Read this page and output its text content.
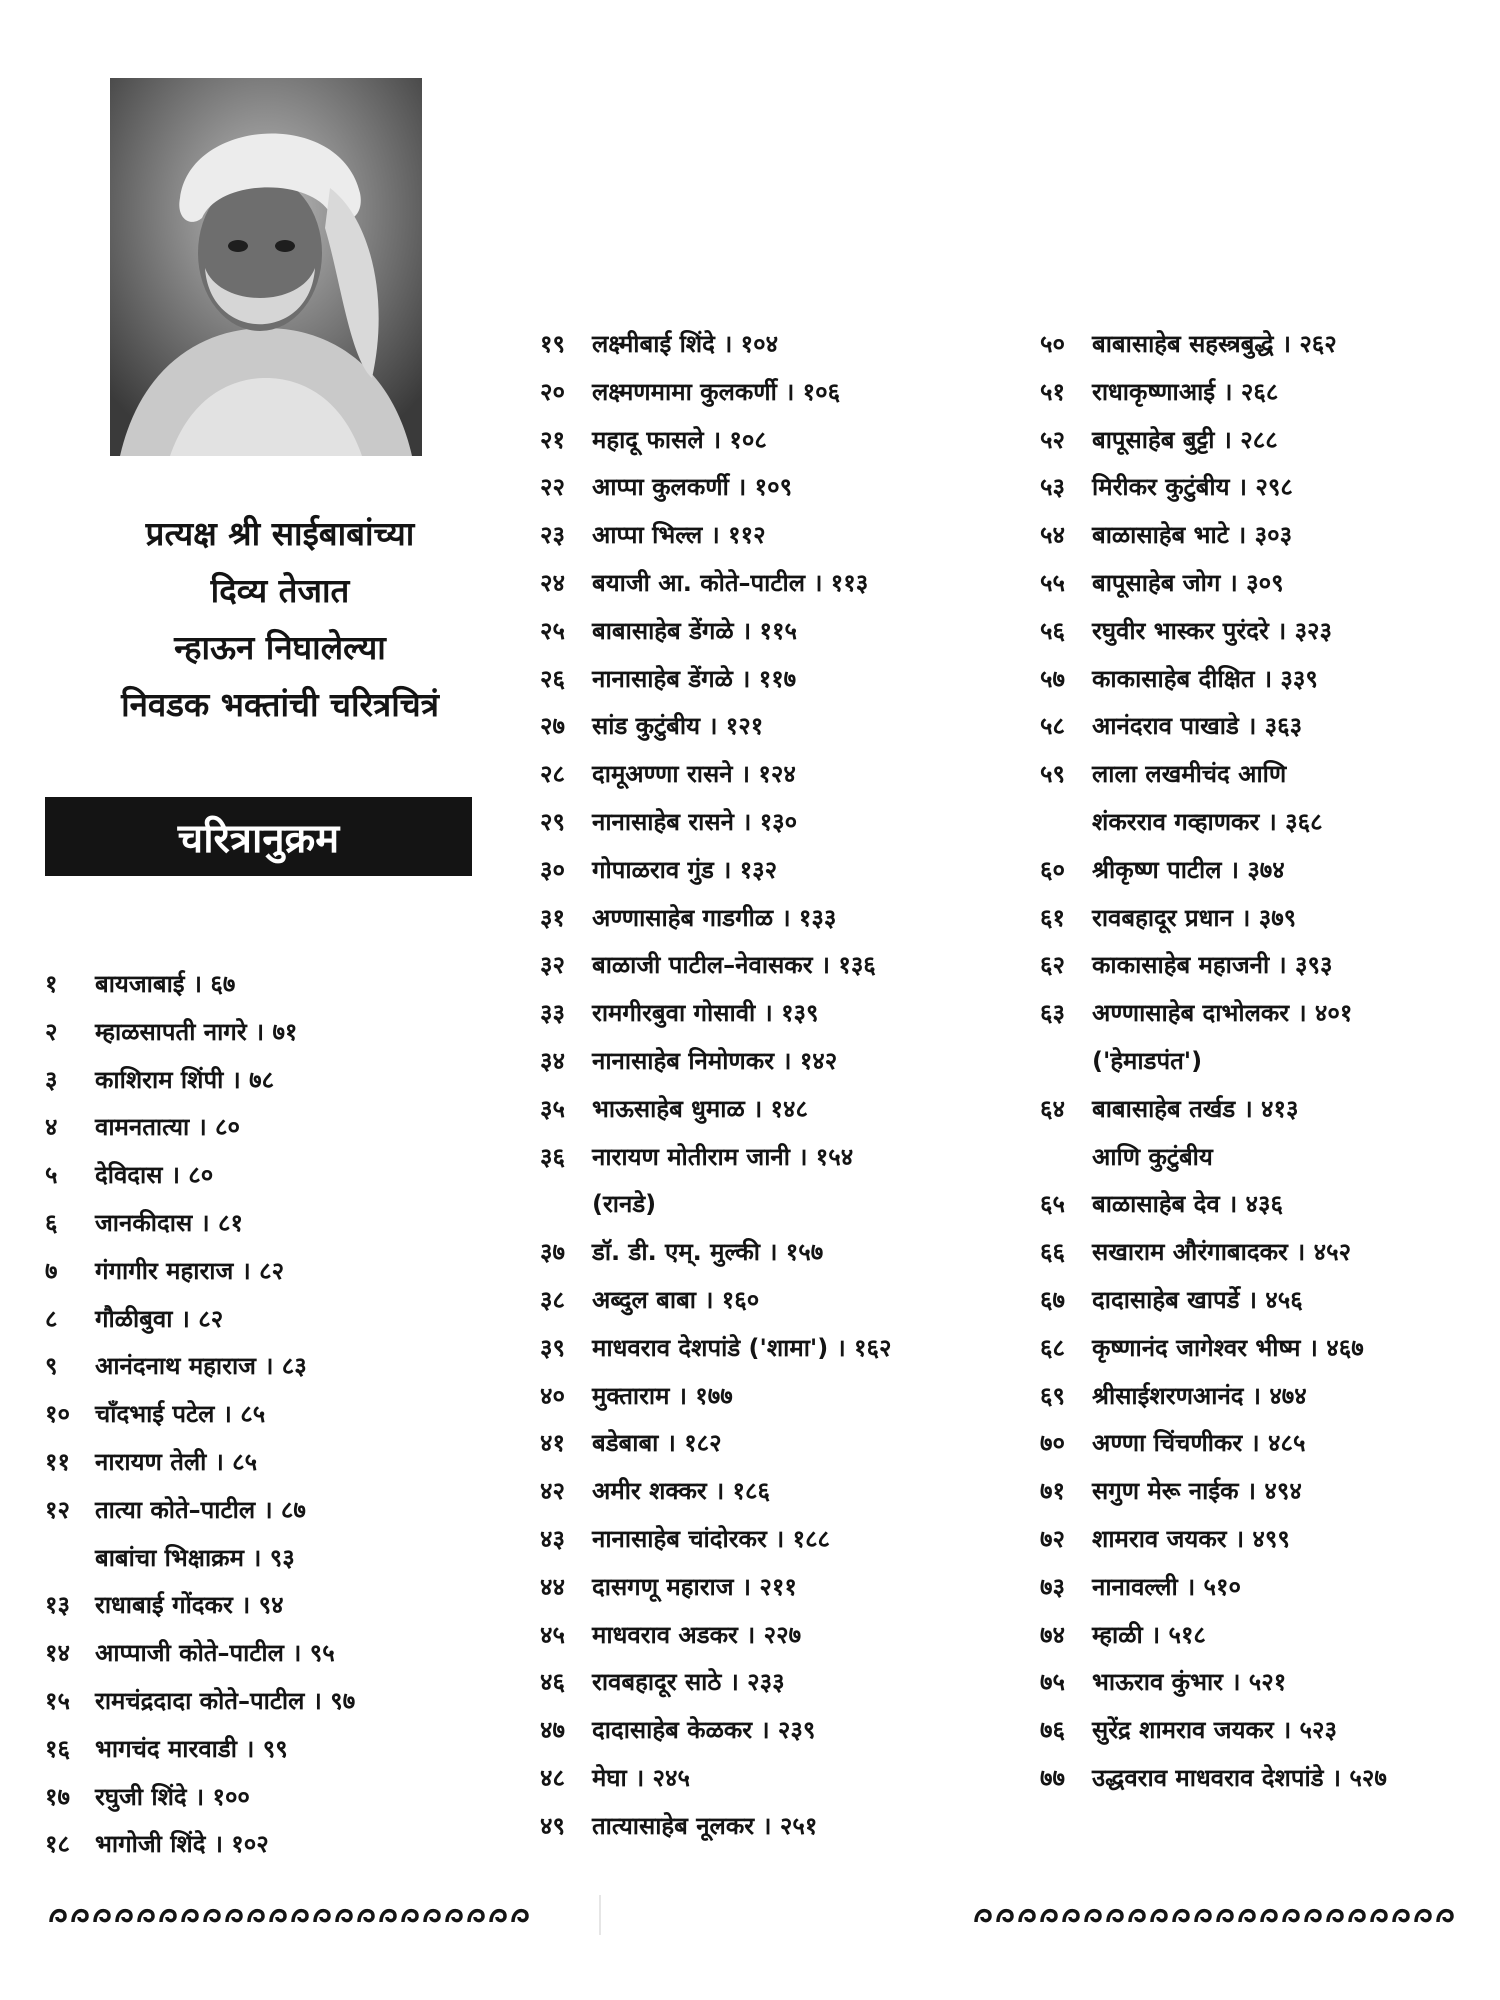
प्रत्यक्ष श्री साईबाबांच्या
दिव्य तेजात
न्हाऊन निघालेल्या
निवडक भक्तांची चरित्रचित्रं
चरित्रानुक्रम
१	बायजाबाई । ६७
२	म्हाळसापती नागरे । ७१
३	काशिराम शिंपी । ७८
४	वामनतात्या । ८०
५	देविदास । ८०
६	जानकीदास । ८१
७	गंगागीर महाराज । ८२
८	गौळीबुवा । ८२
९	आनंदनाथ महाराज । ८३
१०	चाँदभाई पटेल । ८५
११	नारायण तेली । ८५
१२	तात्या कोते–पाटील । ८७
बाबांचा भिक्षाक्रम । ९३
१३	राधाबाई गोंदकर । ९४
१४	आप्पाजी कोते–पाटील । ९५
१५	रामचंद्रदादा कोते–पाटील । ९७
१६	भागचंद मारवाडी । ९९
१७	रघुजी शिंदे । १००
१८	भागोजी शिंदे । १०२
१९	लक्ष्मीबाई शिंदे । १०४
२०	लक्ष्मणमामा कुलकर्णी । १०६
२१	महादू फासले । १०८
२२	आप्पा कुलकर्णी । १०९
२३	आप्पा भिल्ल । ११२
२४	बयाजी आ. कोते–पाटील । ११३
२५	बाबासाहेब डेंगळे । ११५
२६	नानासाहेब डेंगळे । ११७
२७	सांड कुटुंबीय । १२१
२८	दामूअण्णा रासने । १२४
२९	नानासाहेब रासने । १३०
३०	गोपाळराव गुंड । १३२
३१	अण्णासाहेब गाडगीळ । १३३
३२	बाळाजी पाटील–नेवासकर । १३६
३३	रामगीरबुवा गोसावी । १३९
३४	नानासाहेब निमोणकर । १४२
३५	भाऊसाहेब धुमाळ । १४८
३६	नारायण मोतीराम जानी । १५४
(रानडे)
३७	डॉ. डी. एम्. मुल्की । १५७
३८	अब्दुल बाबा । १६०
३९	माधवराव देशपांडे ('शामा') । १६२
४०	मुक्ताराम । १७७
४१	बडेबाबा । १८२
४२	अमीर शक्कर । १८६
४३	नानासाहेब चांदोरकर । १८८
४४	दासगणू महाराज । २११
४५	माधवराव अडकर । २२७
४६	रावबहादूर साठे । २३३
४७	दादासाहेब केळकर । २३९
४८	मेघा । २४५
४९	तात्यासाहेब नूलकर । २५१
५०	बाबासाहेब सहस्त्रबुद्धे । २६२
५१	राधाकृष्णाआई । २६८
५२	बापूसाहेब बुट्टी । २८८
५३	मिरीकर कुटुंबीय । २९८
५४	बाळासाहेब भाटे । ३०३
५५	बापूसाहेब जोग । ३०९
५६	रघुवीर भास्कर पुरंदरे । ३२३
५७	काकासाहेब दीक्षित । ३३९
५८	आनंदराव पाखाडे । ३६३
५९	लाला लखमीचंद आणि
शंकरराव गव्हाणकर । ३६८
६०	श्रीकृष्ण पाटील । ३७४
६१	रावबहादूर प्रधान । ३७९
६२	काकासाहेब महाजनी । ३९३
६३	अण्णासाहेब दाभोलकर । ४०१
('हेमाडपंत')
६४	बाबासाहेब तर्खड । ४१३
आणि कुटुंबीय
६५	बाळासाहेब देव । ४३६
६६	सखाराम औरंगाबादकर । ४५२
६७	दादासाहेब खापर्डे । ४५६
६८	कृष्णानंद जागेश्वर भीष्म । ४६७
६९	श्रीसाईशरणआनंद । ४७४
७०	अण्णा चिंचणीकर । ४८५
७१	सगुण मेरू नाईक । ४९४
७२	शामराव जयकर । ४९९
७३	नानावल्ली । ५१०
७४	म्हाळी । ५१८
७५	भाऊराव कुंभार । ५२१
७६	सुरेंद्र शामराव जयकर । ५२३
७७	उद्धवराव माधवराव देशपांडे । ५२७
